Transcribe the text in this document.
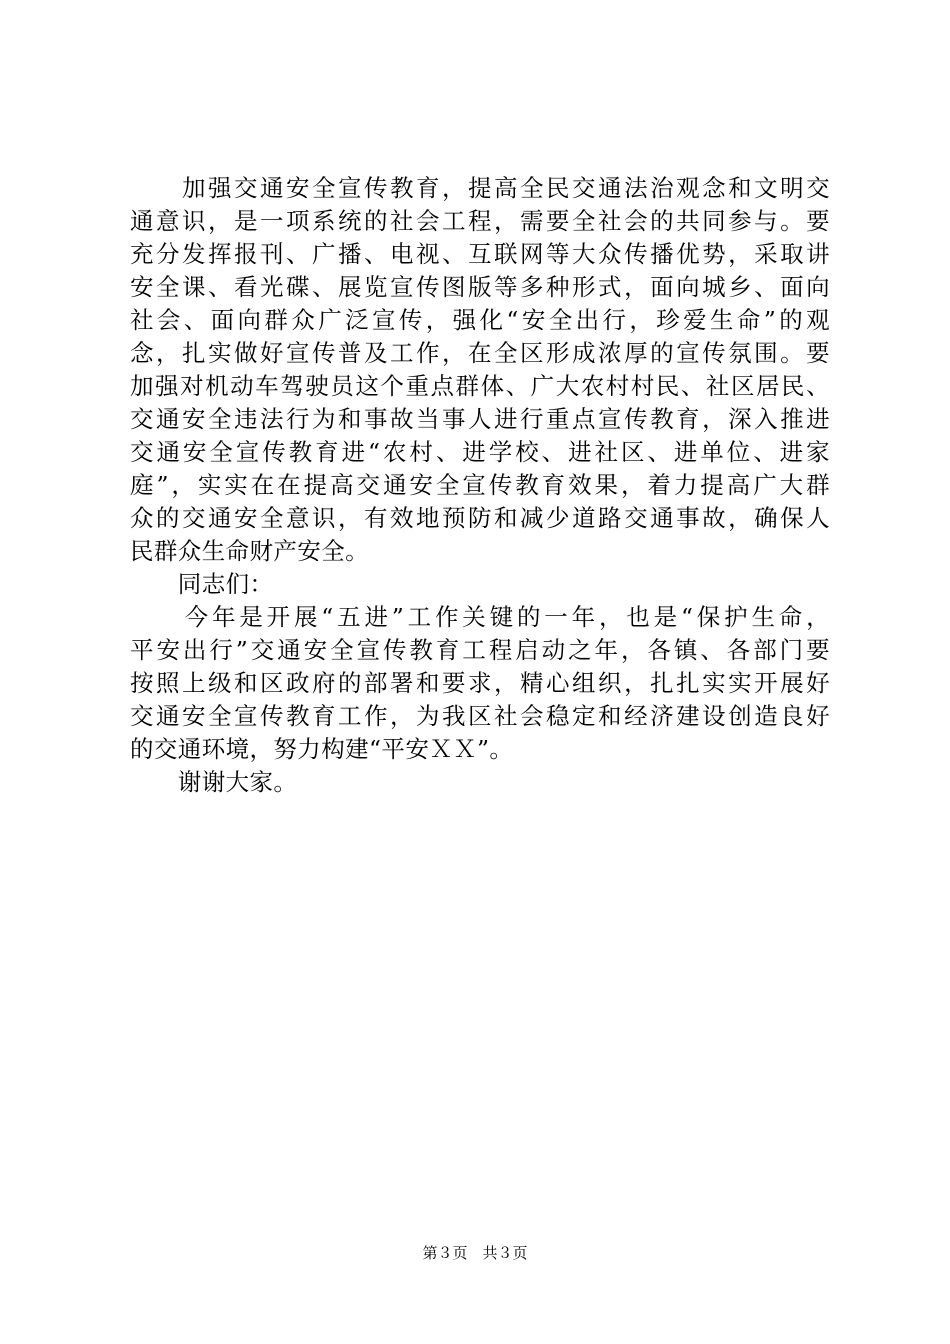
　　加强交通安全宣传教育，提高全民交通法治观念和文明交
通意识，是一项系统的社会工程，需要全社会的共同参与。要
充分发挥报刊、广播、电视、互联网等大众传播优势，采取讲
安全课、看光碟、展览宣传图版等多种形式，面向城乡、面向
社会、面向群众广泛宣传，强化“安全出行，珍爱生命”的观
念，扎实做好宣传普及工作，在全区形成浓厚的宣传氛围。要
加强对机动车驾驶员这个重点群体、广大农村村民、社区居民、
交通安全违法行为和事故当事人进行重点宣传教育，深入推进
交通安全宣传教育进“农村、进学校、进社区、进单位、进家
庭”，实实在在提高交通安全宣传教育效果，着力提高广大群
众的交通安全意识，有效地预防和减少道路交通事故，确保人
民群众生命财产安全。
　　同志们：
　　今年是开展“五进”工作关键的一年，也是“保护生命，
平安出行”交通安全宣传教育工程启动之年，各镇、各部门要
按照上级和区政府的部署和要求，精心组织，扎扎实实开展好
交通安全宣传教育工作，为我区社会稳定和经济建设创造良好
的交通环境，努力构建“平安ＸＸ”。
　　谢谢大家。
第３页　共３页
